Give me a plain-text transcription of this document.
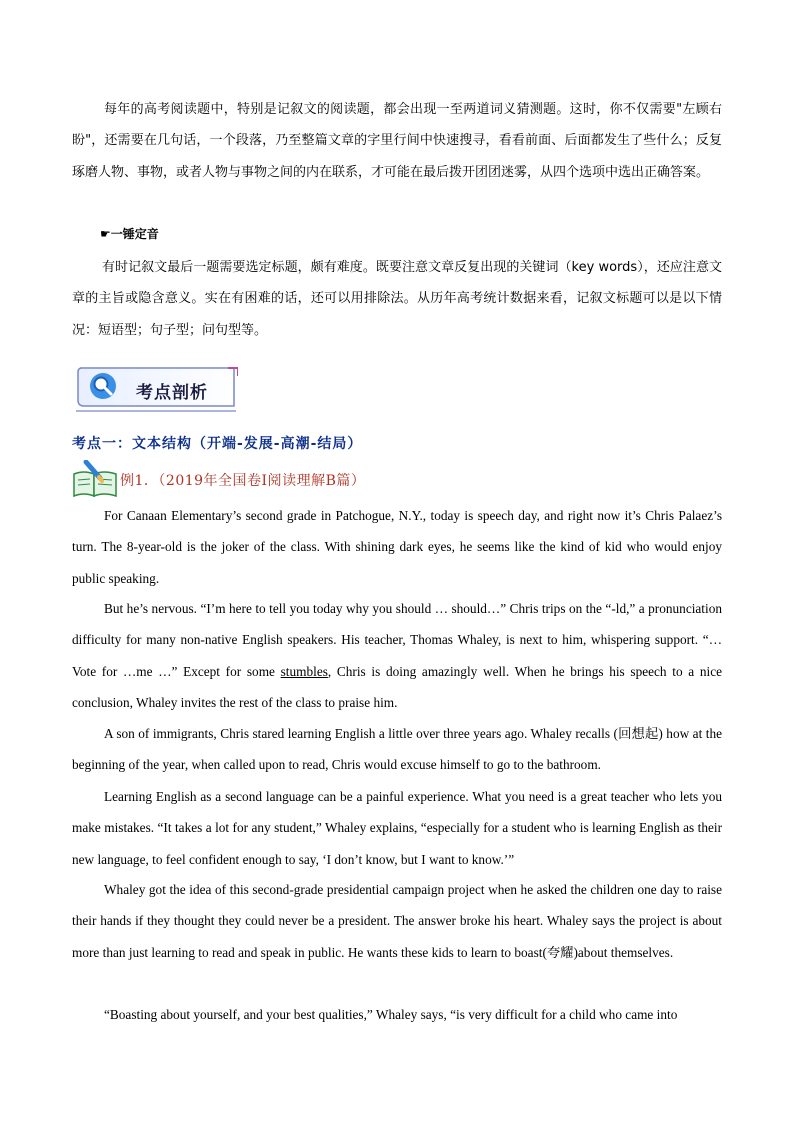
每年的高考阅读题中，特别是记叙文的阅读题，都会出现一至两道词义猜测题。这时，你不仅需要"左顾右盼"，还需要在几句话，一个段落，乃至整篇文章的字里行间中快速搜寻，看看前面、后面都发生了些什么；反复琢磨人物、事物，或者人物与事物之间的内在联系，才可能在最后拨开团团迷雾，从四个选项中选出正确答案。
☛一锤定音
有时记叙文最后一题需要选定标题，颇有难度。既要注意文章反复出现的关键词（key words），还应注意文章的主旨或隐含意义。实在有困难的话，还可以用排除法。从历年高考统计数据来看，记叙文标题可以是以下情况：短语型；句子型；问句型等。
考点剖析
考点一：文本结构（开端-发展-高潮-结局）
例1．（2019年全国卷Ⅰ阅读理解B篇）
For Canaan Elementary’s second grade in Patchogue, N.Y., today is speech day, and right now it’s Chris Palaez’s turn. The 8-year-old is the joker of the class. With shining dark eyes, he seems like the kind of kid who would enjoy public speaking.
But he’s nervous. “I’m here to tell you today why you should … should…” Chris trips on the “-ld,” a pronunciation difficulty for many non-native English speakers. His teacher, Thomas Whaley, is next to him, whispering support. “…Vote for …me …” Except for some stumbles, Chris is doing amazingly well. When he brings his speech to a nice conclusion, Whaley invites the rest of the class to praise him.
A son of immigrants, Chris stared learning English a little over three years ago. Whaley recalls (回想起) how at the beginning of the year, when called upon to read, Chris would excuse himself to go to the bathroom.
Learning English as a second language can be a painful experience. What you need is a great teacher who lets you make mistakes. “It takes a lot for any student,” Whaley explains, “especially for a student who is learning English as their new language, to feel confident enough to say, ‘I don’t know, but I want to know.’”
Whaley got the idea of this second-grade presidential campaign project when he asked the children one day to raise their hands if they thought they could never be a president. The answer broke his heart. Whaley says the project is about more than just learning to read and speak in public. He wants these kids to learn to boast(夸耀)about themselves.
“Boasting about yourself, and your best qualities,” Whaley says, “is very difficult for a child who came into
